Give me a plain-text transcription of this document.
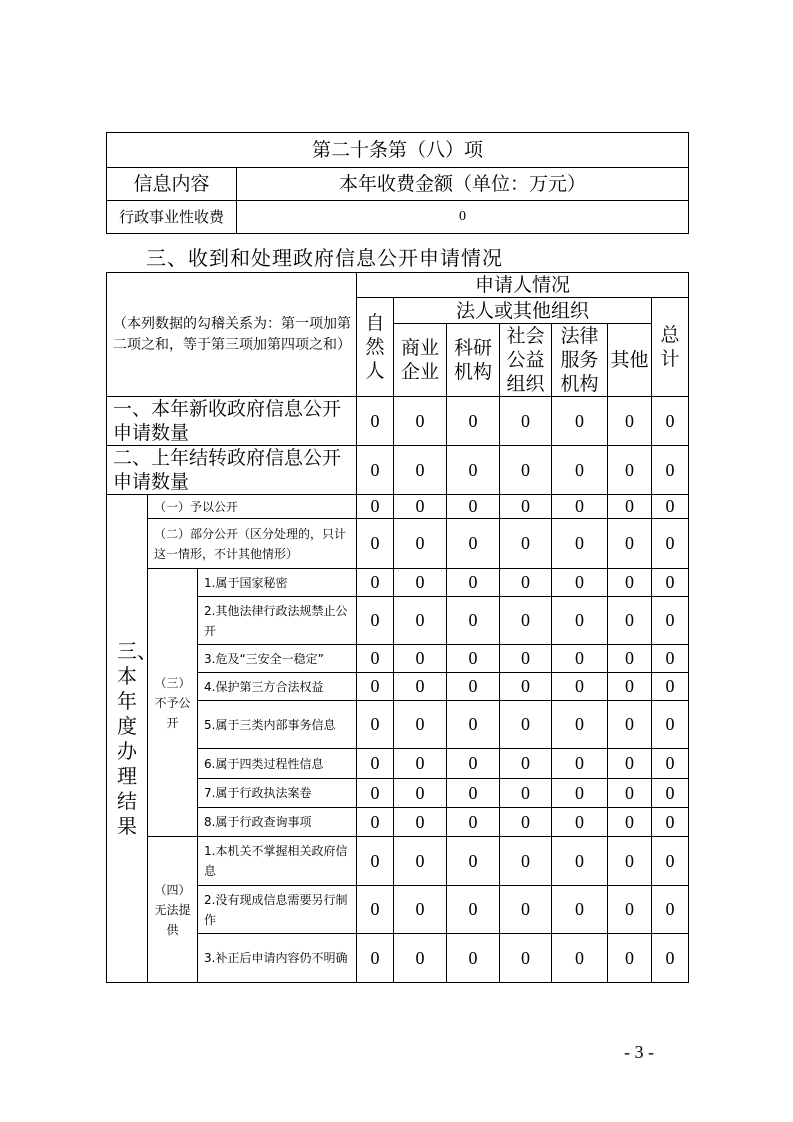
第二十条第（八）项	
信息内容	本年收费金额（单位：万元）
行政事业性收费	0
三、收到和处理政府信息公开申请情况
（本列数据的勾稽关系为：第一项加第二项之和，等于第三项加第四项之和）			申请人情况						
			自然人	法人或其他组织					总计
				商业企业	科研机构	社会公益组织	法律服务机构	其他	
一、本年新收政府信息公开申请数量			0	0	0	0	0	0	0
二、上年结转政府信息公开申请数量			0	0	0	0	0	0	0

三、本年度办理结果	（一）予以公开		0	0	0	0	0	0	0
	（二）部分公开（区分处理的，只计这一情形，不计其他情形）		0	0	0	0	0	0	0
	（三）不予公开	1.属于国家秘密	0	0	0	0	0	0	0
		2.其他法律行政法规禁止公开	0	0	0	0	0	0	0
		3.危及“三安全一稳定”	0	0	0	0	0	0	0
		4.保护第三方合法权益	0	0	0	0	0	0	0
		5.属于三类内部事务信息	0	0	0	0	0	0	0
		6.属于四类过程性信息	0	0	0	0	0	0	0
		7.属于行政执法案卷	0	0	0	0	0	0	0
		8.属于行政查询事项	0	0	0	0	0	0	0
	（四）无法提供	1.本机关不掌握相关政府信息	0	0	0	0	0	0	0
		2.没有现成信息需要另行制作	0	0	0	0	0	0	0
		3.补正后申请内容仍不明确	0	0	0	0	0	0	0
- 3 -
